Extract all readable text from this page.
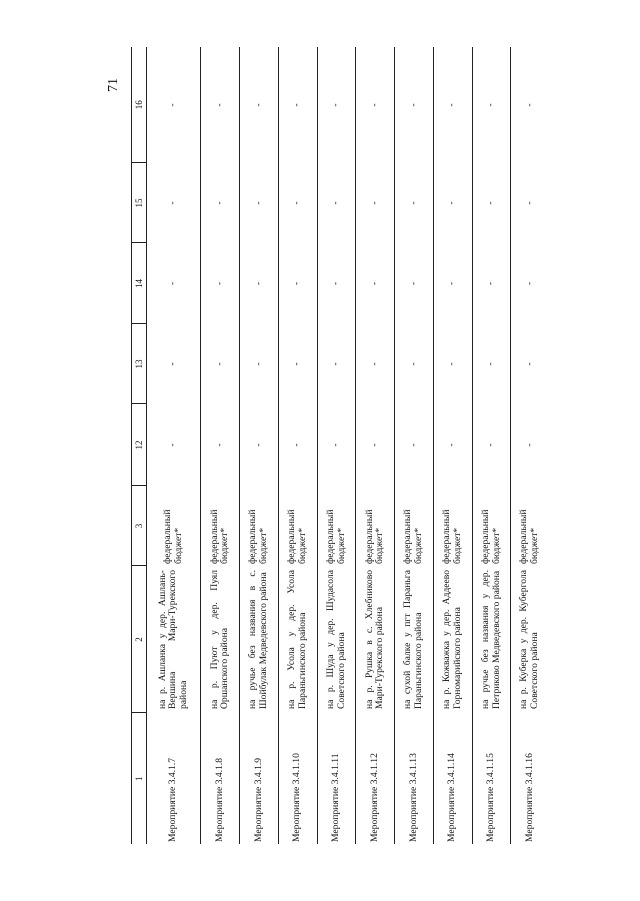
71
1	2	3	12	13	14	15	16
Мероприятие 3.4.1.7	на р. Ашланка у дер. Ашлань-Вершина Мари-Турекского района	федеральный бюджет*	-	-	-	-	-
Мероприятие 3.4.1.8	на р. Пуют у дер. Пуял Оршанского района	федеральный бюджет*	-	-	-	-	-
Мероприятие 3.4.1.9	на ручье без названия в с. Шойбулак Медведевского района	федеральный бюджет*	-	-	-	-	-
Мероприятие 3.4.1.10	на р. Усола у дер. Усола Параньгинского района	федеральный бюджет*	-	-	-	-	-
Мероприятие 3.4.1.11	на р. Шуда у дер. Шудасола Советского района	федеральный бюджет*	-	-	-	-	-
Мероприятие 3.4.1.12	на р. Рушка в с. Хлебниково Мари-Турекского района	федеральный бюджет*	-	-	-	-	-
Мероприятие 3.4.1.13	на сухой балке у пгт Параньга Параньгинского района	федеральный бюджет*	-	-	-	-	-
Мероприятие 3.4.1.14	на р. Кожважка у дер. Аддеево Горномарийского района	федеральный бюджет*	-	-	-	-	-
Мероприятие 3.4.1.15	на ручье без названия у дер. Петриково Медведевского района	федеральный бюджет*	-	-	-	-	-
Мероприятие 3.4.1.16	на р. Куберка у дер. Кубергола Советского района	федеральный бюджет*	-	-	-	-	-
